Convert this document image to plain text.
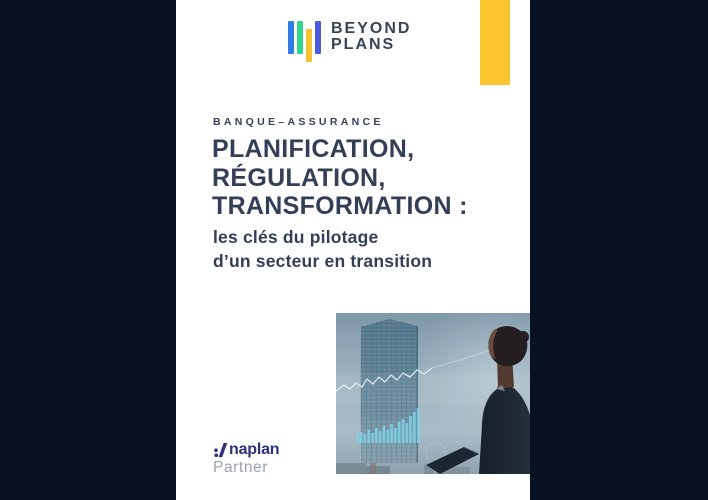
BEYOND
PLANS
BANQUE–ASSURANCE
PLANIFICATION,
RÉGULATION,
TRANSFORMATION :
les clés du pilotage
d’un secteur en transition
naplan
Partner
